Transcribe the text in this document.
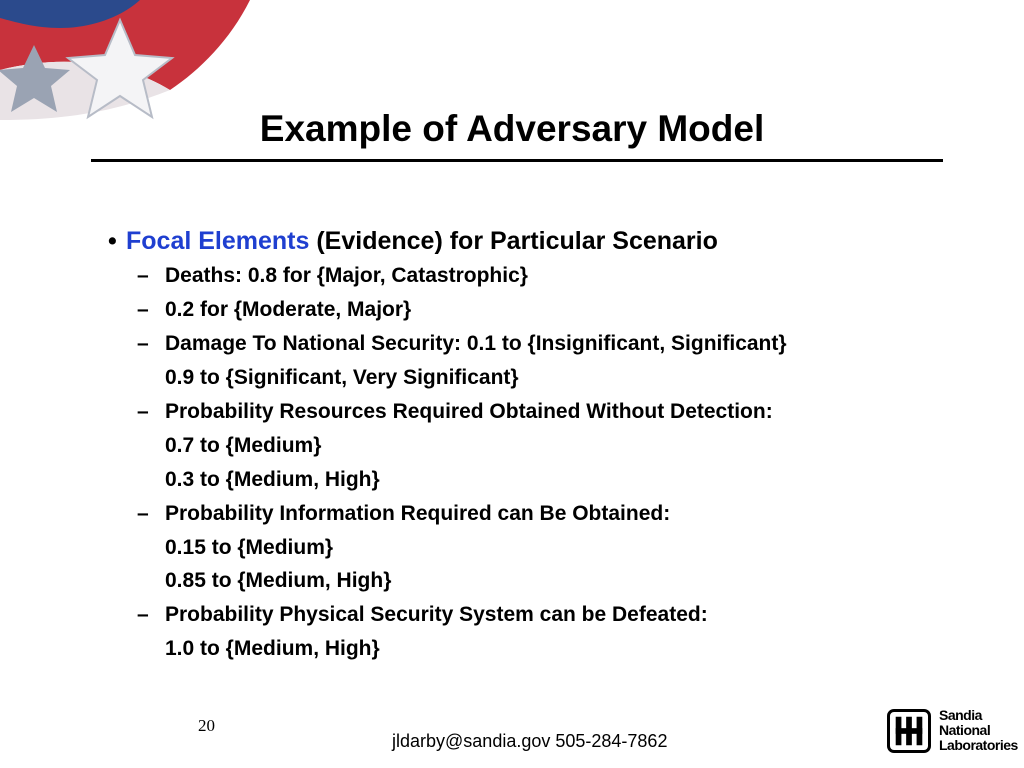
Example of Adversary Model
• Focal Elements (Evidence) for Particular Scenario
– Deaths: 0.8 for {Major, Catastrophic}
– 0.2 for {Moderate, Major}
– Damage To National Security: 0.1 to {Insignificant, Significant}
0.9 to {Significant, Very Significant}
– Probability Resources Required Obtained Without Detection:
0.7 to {Medium}
0.3 to {Medium, High}
– Probability Information Required can Be Obtained:
0.15 to {Medium}
0.85 to {Medium, High}
– Probability Physical Security System can be Defeated:
1.0 to {Medium, High}
20
jldarby@sandia.gov 505-284-7862
Sandia
National
Laboratories
